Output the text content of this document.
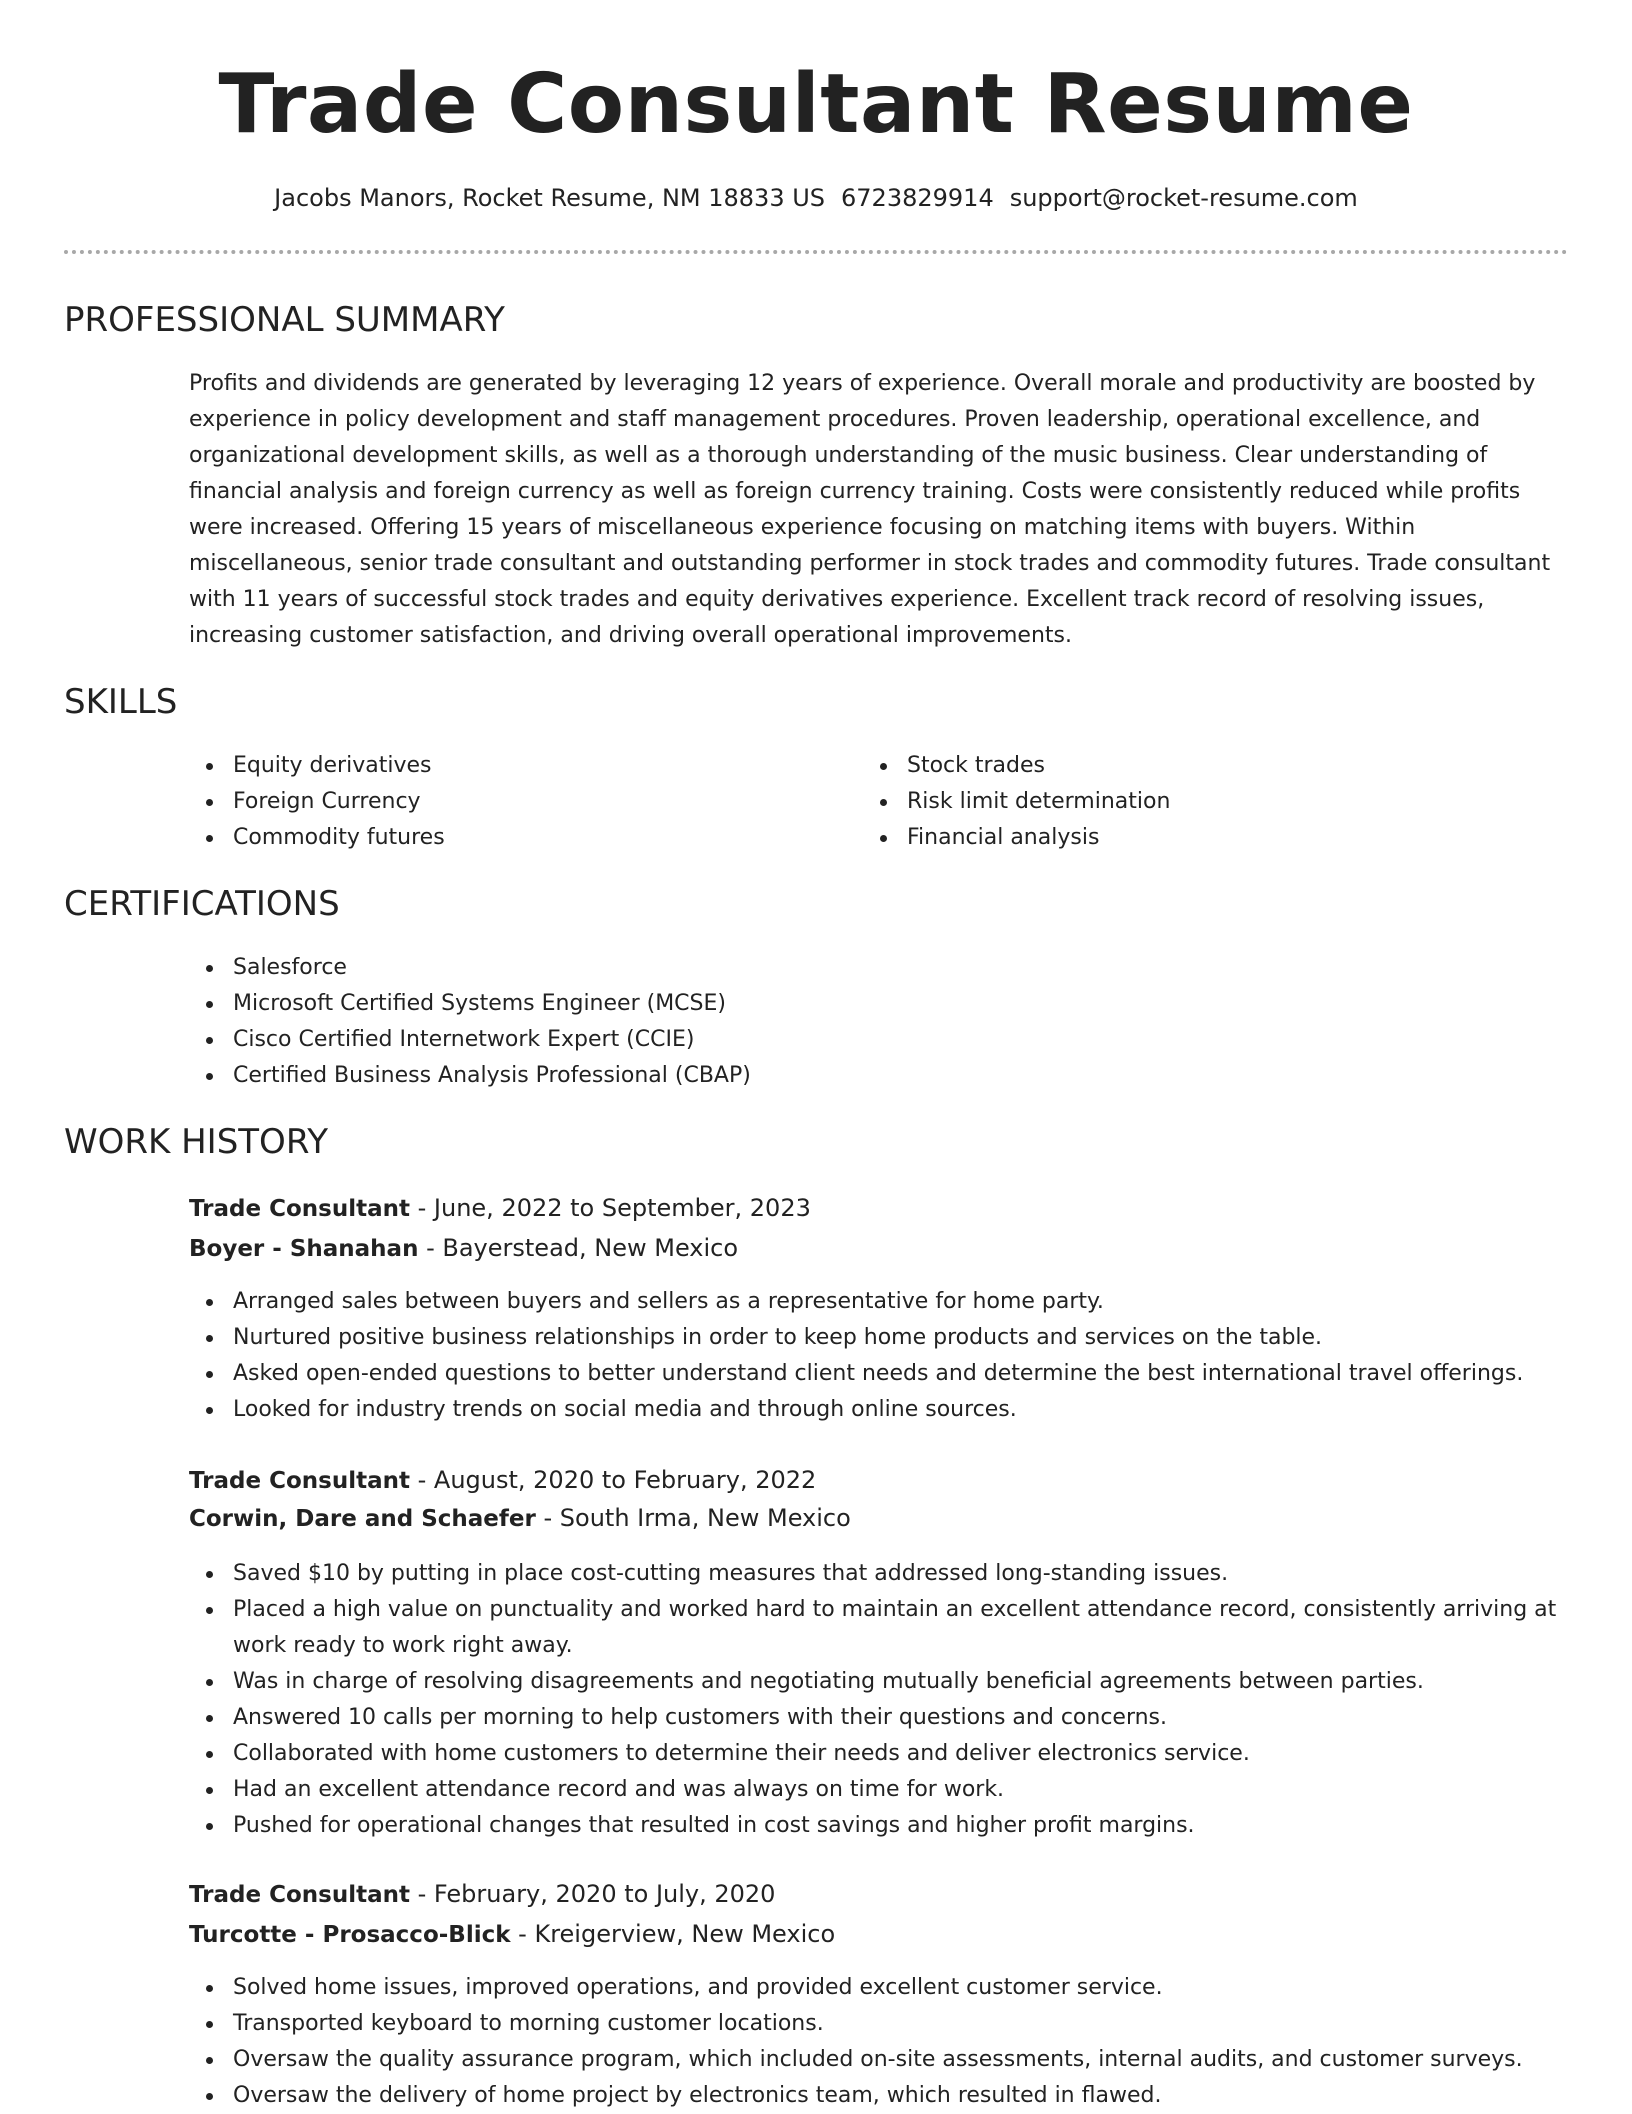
Trade Consultant Resume
Jacobs Manors, Rocket Resume, NM 18833 US 6723829914 support@rocket-resume.com
PROFESSIONAL SUMMARY

Profits and dividends are generated by leveraging 12 years of experience. Overall morale and productivity are boosted by experience in policy development and staff management procedures. Proven leadership, operational excellence, and organizational development skills, as well as a thorough understanding of the music business. Clear understanding of financial analysis and foreign currency as well as foreign currency training. Costs were consistently reduced while profits were increased. Offering 15 years of miscellaneous experience focusing on matching items with buyers. Within miscellaneous, senior trade consultant and outstanding performer in stock trades and commodity futures. Trade consultant with 11 years of successful stock trades and equity derivatives experience. Excellent track record of resolving issues, increasing customer satisfaction, and driving overall operational improvements.

SKILLS
Equity derivatives
Foreign Currency
Commodity futures
Stock trades
Risk limit determination
Financial analysis
CERTIFICATIONS
Salesforce
Microsoft Certified Systems Engineer (MCSE)
Cisco Certified Internetwork Expert (CCIE)
Certified Business Analysis Professional (CBAP)
WORK HISTORY
Trade Consultant - June, 2022 to September, 2023
Boyer - Shanahan - Bayerstead, New Mexico
Arranged sales between buyers and sellers as a representative for home party.
Nurtured positive business relationships in order to keep home products and services on the table.
Asked open-ended questions to better understand client needs and determine the best international travel offerings.
Looked for industry trends on social media and through online sources.
Trade Consultant - August, 2020 to February, 2022
Corwin, Dare and Schaefer - South Irma, New Mexico
Saved $10 by putting in place cost-cutting measures that addressed long-standing issues.
Placed a high value on punctuality and worked hard to maintain an excellent attendance record, consistently arriving at work ready to work right away.
Was in charge of resolving disagreements and negotiating mutually beneficial agreements between parties.
Answered 10 calls per morning to help customers with their questions and concerns.
Collaborated with home customers to determine their needs and deliver electronics service.
Had an excellent attendance record and was always on time for work.
Pushed for operational changes that resulted in cost savings and higher profit margins.
Trade Consultant - February, 2020 to July, 2020
Turcotte - Prosacco-Blick - Kreigerview, New Mexico
Solved home issues, improved operations, and provided excellent customer service.
Transported keyboard to morning customer locations.
Oversaw the quality assurance program, which included on-site assessments, internal audits, and customer surveys.
Oversaw the delivery of home project by electronics team, which resulted in flawed.
